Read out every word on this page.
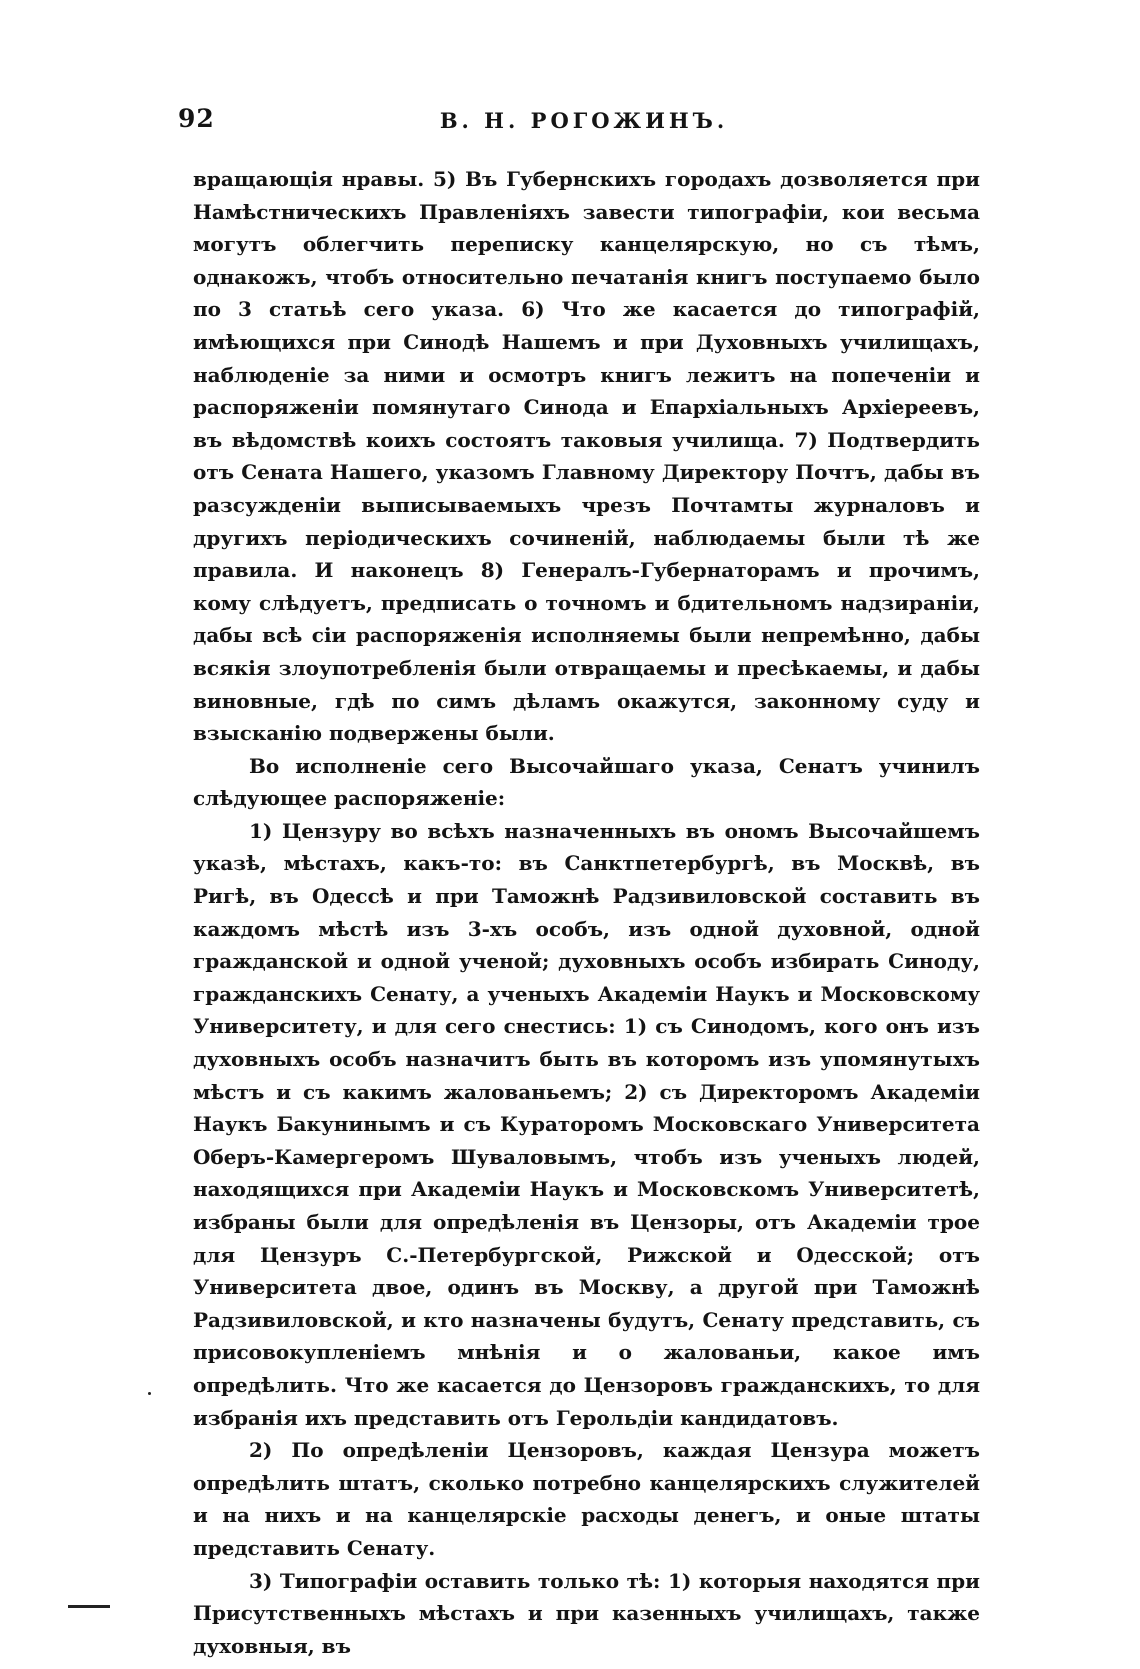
92	В. Н. РОГОЖИНЪ.

вращающія нравы. 5) Въ Губернскихъ городахъ дозволяется при Намѣстническихъ Правленіяхъ завести типографіи, кои весьма могутъ облегчить переписку канцелярскую, но съ тѣмъ, однакожъ, чтобъ относительно печатанія книгъ поступаемо было по 3 статьѣ сего указа. 6) Что же касается до типографій, имѣющихся при Синодѣ Нашемъ и при Духовныхъ училищахъ, наблюденіе за ними и осмотръ книгъ лежитъ на попеченіи и распоряженіи помянутаго Синода и Епархіальныхъ Архіереевъ, въ вѣдомствѣ коихъ состоятъ таковыя училища. 7) Подтвердить отъ Сената Нашего, указомъ Главному Директору Почтъ, дабы въ разсужденіи выписываемыхъ чрезъ Почтамты журналовъ и другихъ періодическихъ сочиненій, наблюдаемы были тѣ же правила. И наконецъ 8) Генералъ-Губернаторамъ и прочимъ, кому слѣдуетъ, предписать о точномъ и бдительномъ надзираніи, дабы всѣ сіи распоряженія исполняемы были непремѣнно, дабы всякія злоупотребленія были отвращаемы и пресѣкаемы, и дабы виновные, гдѣ по симъ дѣламъ окажутся, законному суду и взысканію подвержены были.

Во исполненіе сего Высочайшаго указа, Сенатъ учинилъ слѣдующее распоряженіе:

1) Цензуру во всѣхъ назначенныхъ въ ономъ Высочайшемъ указѣ, мѣстахъ, какъ-то: въ Санктпетербургѣ, въ Москвѣ, въ Ригѣ, въ Одессѣ и при Таможнѣ Радзивиловской составить въ каждомъ мѣстѣ изъ 3-хъ особъ, изъ одной духовной, одной гражданской и одной ученой; духовныхъ особъ избирать Синоду, гражданскихъ Сенату, а ученыхъ Академіи Наукъ и Московскому Университету, и для сего снестись: 1) съ Синодомъ, кого онъ изъ духовныхъ особъ назначитъ быть въ которомъ изъ упомянутыхъ мѣстъ и съ какимъ жалованьемъ; 2) съ Директоромъ Академіи Наукъ Бакунинымъ и съ Кураторомъ Московскаго Университета Оберъ-Камергеромъ Шуваловымъ, чтобъ изъ ученыхъ людей, находящихся при Академіи Наукъ и Московскомъ Университетѣ, избраны были для опредѣленія въ Цензоры, отъ Академіи трое для Цензуръ С.-Петербургской, Рижской и Одесской; отъ Университета двое, одинъ въ Москву, а другой при Таможнѣ Радзивиловской, и кто назначены будутъ, Сенату представить, съ присовокупленіемъ мнѣнія и о жалованьи, какое имъ опредѣлить. Что же касается до Цензоровъ гражданскихъ, то для избранія ихъ представить отъ Герольдіи кандидатовъ.

2) По опредѣленіи Цензоровъ, каждая Цензура можетъ опредѣлить штатъ, сколько потребно канцелярскихъ служителей и на нихъ и на канцелярскіе расходы денегъ, и оные штаты представить Сенату.

3) Типографіи оставить только тѣ: 1) которыя находятся при Присутственныхъ мѣстахъ и при казенныхъ училищахъ, также духовныя, въ
